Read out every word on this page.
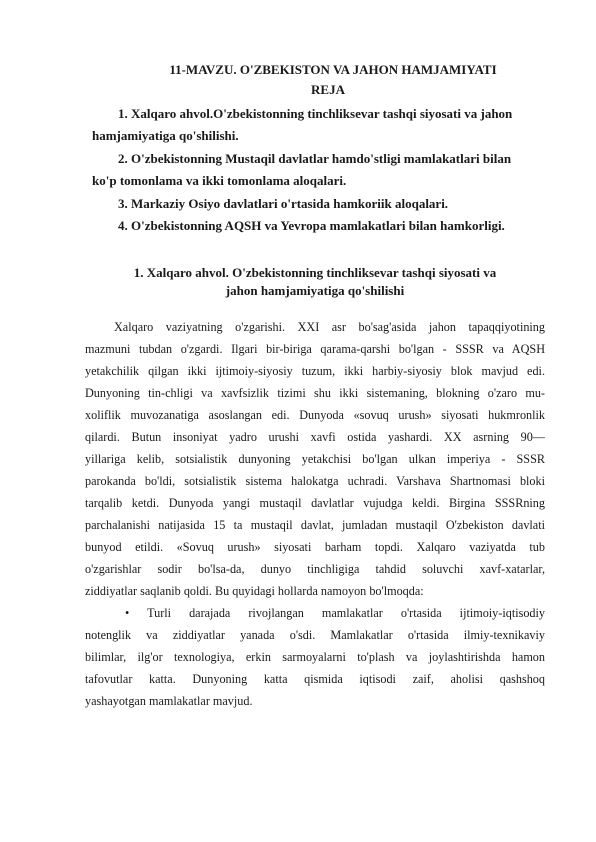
11-MAVZU. O'ZBEKISTON VA JAHON HAMJAMIYATI
REJA
1. Xalqaro ahvol.O'zbekistonning tinchliksevar tashqi siyosati va jahon
hamjamiyatiga qo'shilishi.
2. O'zbekistonning Mustaqil davlatlar hamdo'stligi mamlakatlari bilan
ko'p tomonlama va ikki tomonlama aloqalari.
3. Markaziy Osiyo davlatlari o'rtasida hamkoriik aloqalari.
4. O'zbekistonning AQSH va Yevropa mamlakatlari bilan hamkorligi.
1. Xalqaro ahvol. O'zbekistonning tinchliksevar tashqi siyosati va
jahon hamjamiyatiga qo'shilishi
Xalqaro vaziyatning o'zgarishi. XXI asr bo'sag'asida jahon tapaqqiyotining
mazmuni tubdan o'zgardi. Ilgari bir-biriga qarama-qarshi bo'lgan - SSSR va AQSH
yetakchilik qilgan ikki ijtimoiy-siyosiy tuzum, ikki harbiy-siyosiy blok mavjud edi.
Dunyoning tin-chligi va xavfsizlik tizimi shu ikki sistemaning, blokning o'zaro mu-
xoliflik muvozanatiga asoslangan edi. Dunyoda «sovuq urush» siyosati hukmronlik
qilardi. Butun insoniyat yadro urushi xavfi ostida yashardi. XX asrning 90—
yillariga kelib, sotsialistik dunyoning yetakchisi bo'lgan ulkan imperiya - SSSR
parokanda bo'ldi, sotsialistik sistema halokatga uchradi. Varshava Shartnomasi bloki
tarqalib ketdi. Dunyoda yangi mustaqil davlatlar vujudga keldi. Birgina SSSRning
parchalanishi natijasida 15 ta mustaqil davlat, jumladan mustaqil O'zbekiston davlati
bunyod etildi. «Sovuq urush» siyosati barham topdi. Xalqaro vaziyatda tub
o'zgarishlar sodir bo'lsa-da, dunyo tinchligiga tahdid soluvchi xavf-xatarlar,
ziddiyatlar saqlanib qoldi. Bu quyidagi hollarda namoyon bo'lmoqda:
• Turli darajada rivojlangan mamlakatlar o'rtasida ijtimoiy-iqtisodiy
notenglik va ziddiyatlar yanada o'sdi. Mamlakatlar o'rtasida ilmiy-texnikaviy
bilimlar, ilg'or texnologiya, erkin sarmoyalarni to'plash va joylashtirishda hamon
tafovutlar katta. Dunyoning katta qismida iqtisodi zaif, aholisi qashshoq
yashayotgan mamlakatlar mavjud.
